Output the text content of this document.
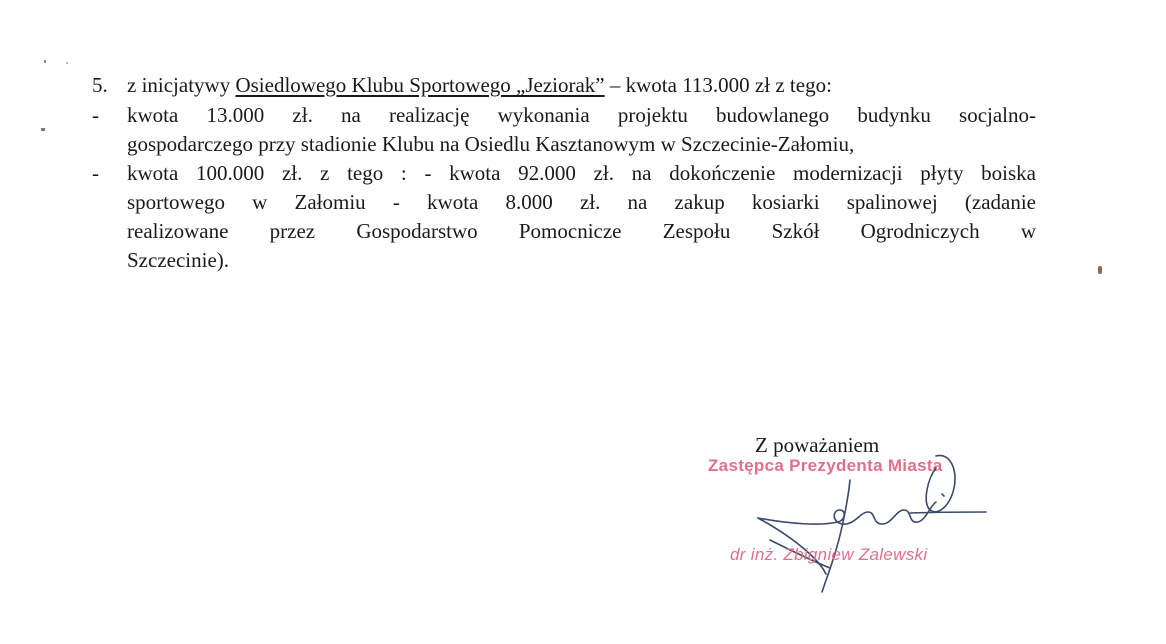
5. z inicjatywy Osiedlowego Klubu Sportowego „Jeziorak” – kwota 113.000 zł z tego:
- kwota 13.000 zł. na realizację wykonania projektu budowlanego budynku socjalno-
gospodarczego przy stadionie Klubu na Osiedlu Kasztanowym w Szczecinie-Załomiu,
- kwota 100.000 zł. z tego : - kwota 92.000 zł. na dokończenie modernizacji płyty boiska
sportowego w Załomiu - kwota 8.000 zł. na zakup kosiarki spalinowej (zadanie
realizowane przez Gospodarstwo Pomocnicze Zespołu Szkół Ogrodniczych w
Szczecinie).
Z poważaniem
Zastępca Prezydenta Miasta
dr inż. Zbigniew Zalewski
